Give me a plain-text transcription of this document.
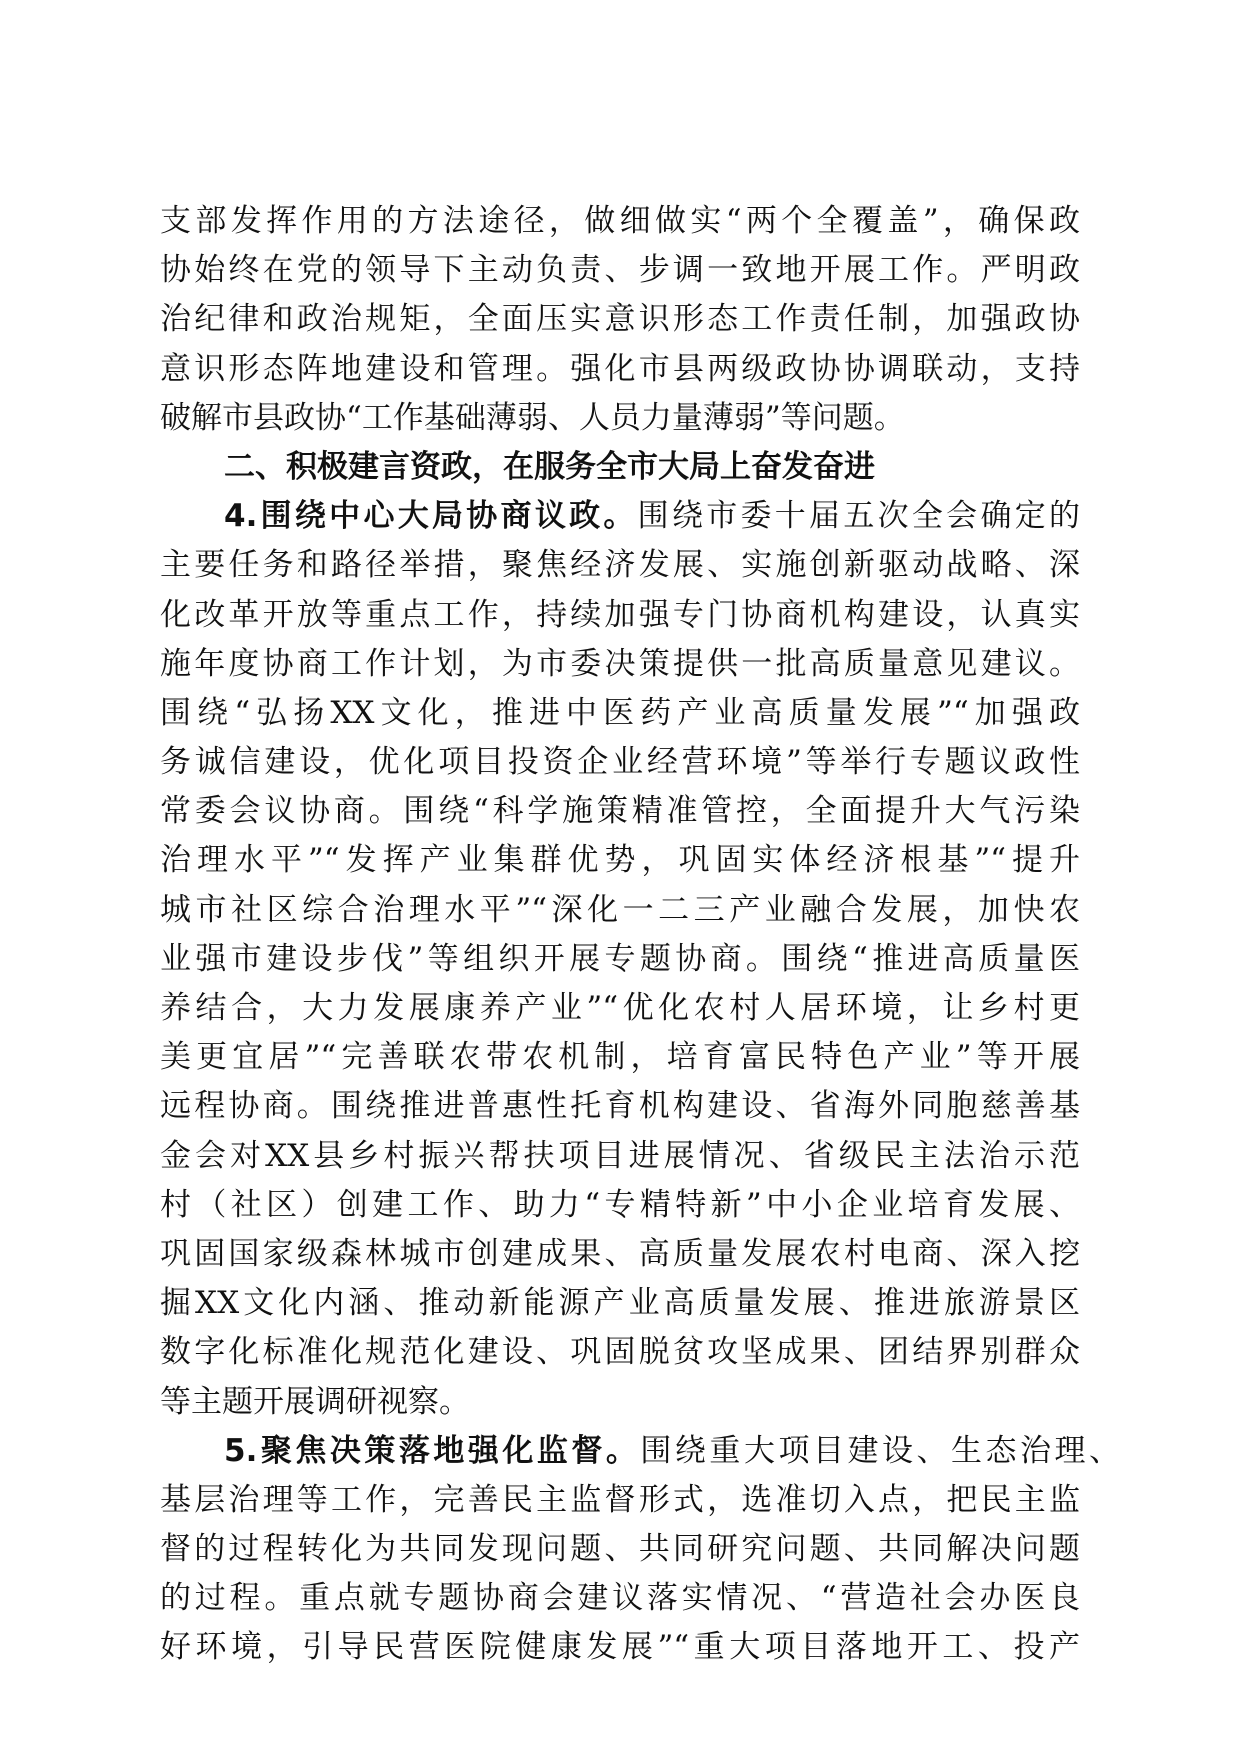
支部发挥作用的方法途径，做细做实“两个全覆盖”，确保政
协始终在党的领导下主动负责、步调一致地开展工作。严明政
治纪律和政治规矩，全面压实意识形态工作责任制，加强政协
意识形态阵地建设和管理。强化市县两级政协协调联动，支持
破解市县政协“工作基础薄弱、人员力量薄弱”等问题。
二、积极建言资政，在服务全市大局上奋发奋进
4.围绕中心大局协商议政。围绕市委十届五次全会确定的
主要任务和路径举措，聚焦经济发展、实施创新驱动战略、深
化改革开放等重点工作，持续加强专门协商机构建设，认真实
施年度协商工作计划，为市委决策提供一批高质量意见建议。
围绕“弘扬XX文化，推进中医药产业高质量发展”“加强政
务诚信建设，优化项目投资企业经营环境”等举行专题议政性
常委会议协商。围绕“科学施策精准管控，全面提升大气污染
治理水平”“发挥产业集群优势，巩固实体经济根基”“提升
城市社区综合治理水平”“深化一二三产业融合发展，加快农
业强市建设步伐”等组织开展专题协商。围绕“推进高质量医
养结合，大力发展康养产业”“优化农村人居环境，让乡村更
美更宜居”“完善联农带农机制，培育富民特色产业”等开展
远程协商。围绕推进普惠性托育机构建设、省海外同胞慈善基
金会对XX县乡村振兴帮扶项目进展情况、省级民主法治示范
村（社区）创建工作、助力“专精特新”中小企业培育发展、
巩固国家级森林城市创建成果、高质量发展农村电商、深入挖
掘XX文化内涵、推动新能源产业高质量发展、推进旅游景区
数字化标准化规范化建设、巩固脱贫攻坚成果、团结界别群众
等主题开展调研视察。
5.聚焦决策落地强化监督。围绕重大项目建设、生态治理、
基层治理等工作，完善民主监督形式，选准切入点，把民主监
督的过程转化为共同发现问题、共同研究问题、共同解决问题
的过程。重点就专题协商会建议落实情况、“营造社会办医良
好环境，引导民营医院健康发展”“重大项目落地开工、投产
